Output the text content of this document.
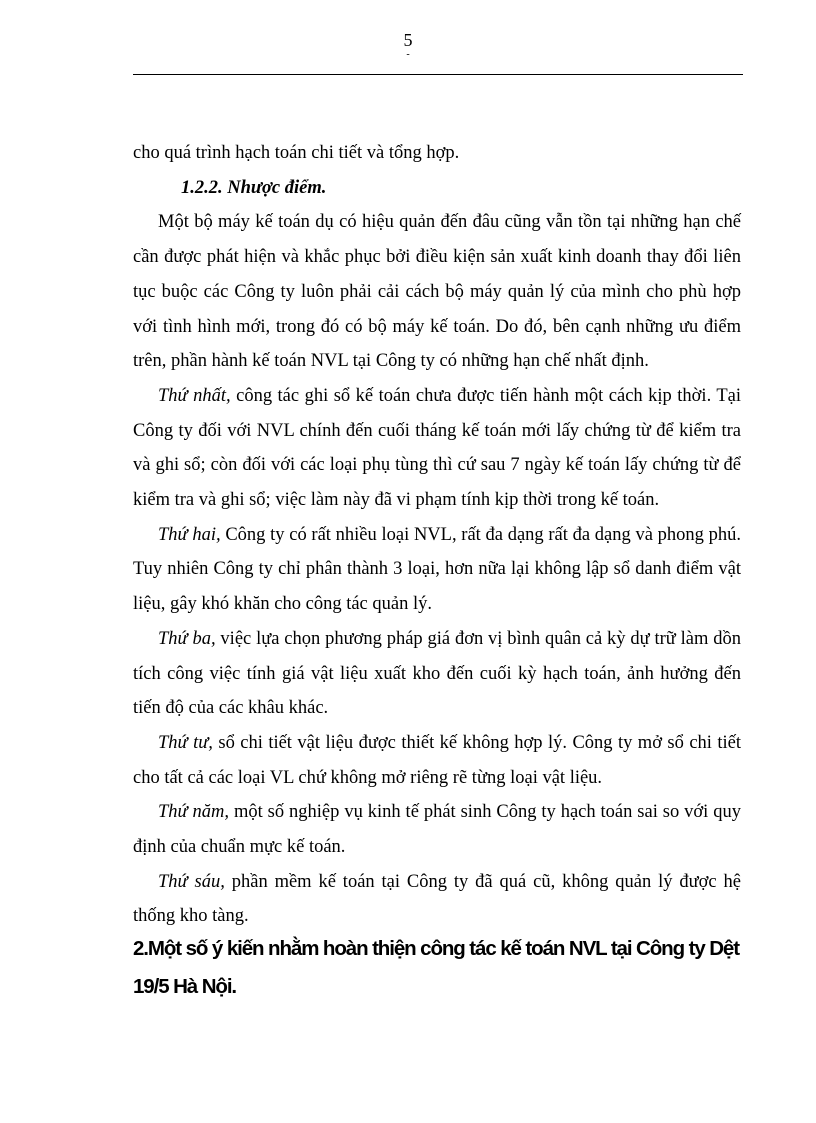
5
-

cho quá trình hạch toán chi tiết và tổng hợp.

1.2.2. Nhược điểm.

Một bộ máy kế toán dụ có hiệu quản đến đâu cũng vẫn tồn tại những hạn chế cần được phát hiện và khắc phục bởi điều kiện sản xuất kinh doanh thay đổi liên tục buộc các Công ty luôn phải cải cách bộ máy quản lý của mình cho phù hợp với tình hình mới, trong đó có bộ máy kế toán. Do đó, bên cạnh những ưu điểm trên, phần hành kế toán NVL tại Công ty có những hạn chế nhất định.

Thứ nhất, công tác ghi sổ kế toán chưa được tiến hành một cách kịp thời. Tại Công ty đối với NVL chính đến cuối tháng kế toán mới lấy chứng từ để kiểm tra và ghi sổ; còn đối với các loại phụ tùng thì cứ sau 7 ngày kế toán lấy chứng từ để kiểm tra và ghi sổ; việc làm này đã vi phạm tính kịp thời trong kế toán.

Thứ hai, Công ty có rất nhiều loại NVL, rất đa dạng rất đa dạng và phong phú. Tuy nhiên Công ty chỉ phân thành 3 loại, hơn nữa lại không lập sổ danh điểm vật liệu, gây khó khăn cho công tác quản lý.

Thứ ba, việc lựa chọn phương pháp giá đơn vị bình quân cả kỳ dự trữ làm dồn tích công việc tính giá vật liệu xuất kho đến cuối kỳ hạch toán, ảnh hưởng đến tiến độ của các khâu khác.

Thứ tư, sổ chi tiết vật liệu được thiết kế không hợp lý. Công ty mở sổ chi tiết cho tất cả các loại VL chứ không mở riêng rẽ từng loại vật liệu.

Thứ năm, một số nghiệp vụ kinh tế phát sinh Công ty hạch toán sai so với quy định của chuẩn mực kế toán.

Thứ sáu, phần mềm kế toán tại Công ty đã quá cũ, không quản lý được hệ thống kho tàng.

2.Một số ý kiến nhằm hoàn thiện công tác kế toán NVL tại Công ty Dệt 19/5 Hà Nội.
